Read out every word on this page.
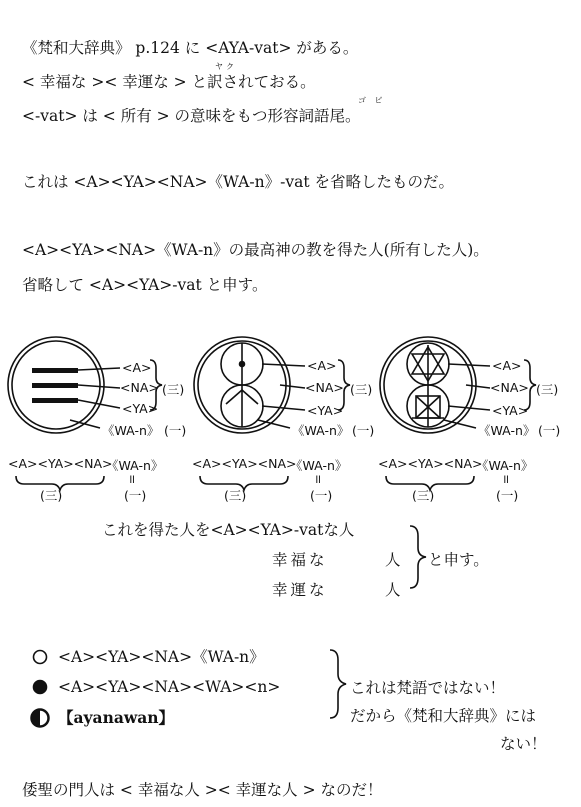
《梵和大辞典》 p.124 に <AYA-vat> がある。
ヤク
< 幸福な >< 幸運な > と訳されておる。
ゴ ビ
<-vat> は < 所有 > の意味をもつ形容詞語尾。
これは <A><YA><NA>《WA-n》-vat を省略したものだ。
<A><YA><NA>《WA-n》の最高神の教を得た人(所有した人)。
省略して <A><YA>-vat と申す。
<A>
<NA>
<YA>
《WA-n》
(三)
(一)
<A>
<NA>
<YA>
《WA-n》
(三)
(一)
<A>
<NA>
<YA>
《WA-n》
(三)
(一)
<A><YA><NA>
《WA-n》
(三)
॥
(一)
<A><YA><NA>
《WA-n》
(三)
॥
(一)
<A><YA><NA>
《WA-n》
(三)
॥
(一)
これを得た人を<A><YA>-vatな人
幸福な	人
幸運な	人
と申す。
<A><YA><NA>《WA-n》
<A><YA><NA><WA><n>
【ayanawan】
これは梵語ではない！
だから《梵和大辞典》には
ない！
倭聖の門人は < 幸福な人 >< 幸運な人 > なのだ！
